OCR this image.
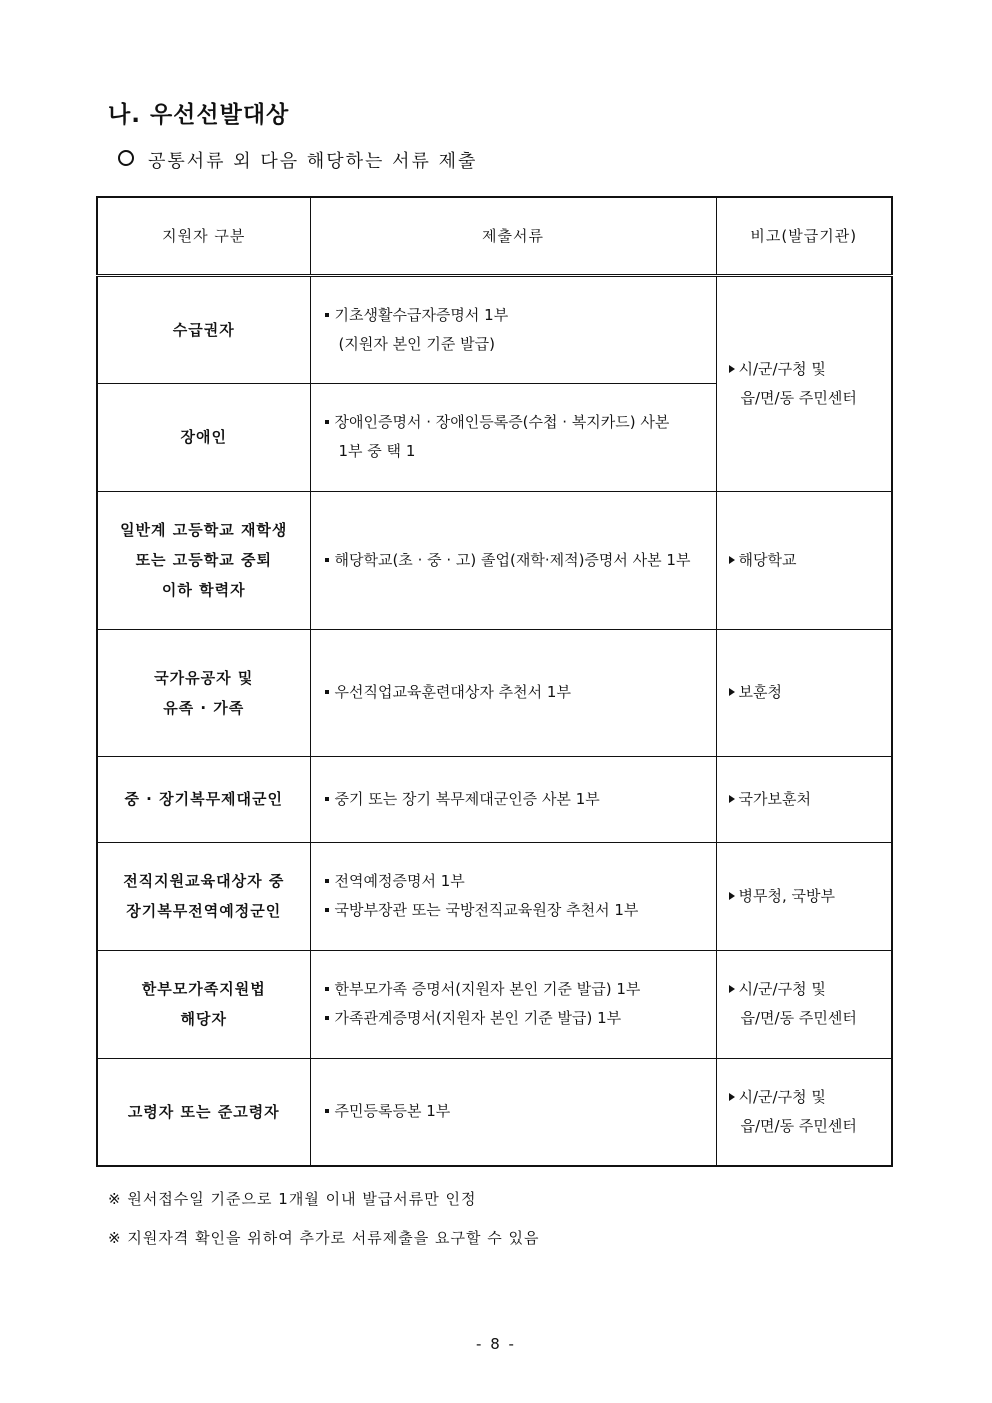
나. 우선선발대상
공통서류 외 다음 해당하는 서류 제출
지원자 구분	제출서류	비고(발급기관)
수급권자	기초생활수급자증명서 1부
(지원자 본인 기준 발급)	시/군/구청 및
읍/면/동 주민센터

장애인	장애인증명서 · 장애인등록증(수첩 · 복지카드) 사본
1부 중 택 1	

일반계 고등학교 재학생
또는 고등학교 중퇴
이하 학력자	해당학교(초 · 중 · 고) 졸업(재학·제적)증명서 사본 1부	해당학교

국가유공자 및
유족 · 가족	우선직업교육훈련대상자 추천서 1부	보훈청
중 · 장기복무제대군인	중기 또는 장기 복무제대군인증 사본 1부	국가보훈처

전직지원교육대상자 중
장기복무전역예정군인	전역예정증명서 1부
국방부장관 또는 국방전직교육원장 추천서 1부	병무청, 국방부

한부모가족지원법
해당자	한부모가족 증명서(지원자 본인 기준 발급) 1부
가족관계증명서(지원자 본인 기준 발급) 1부	시/군/구청 및
읍/면/동 주민센터

고령자 또는 준고령자	주민등록등본 1부	시/군/구청 및
읍/면/동 주민센터
※ 원서접수일 기준으로 1개월 이내 발급서류만 인정
※ 지원자격 확인을 위하여 추가로 서류제출을 요구할 수 있음
- 8 -
